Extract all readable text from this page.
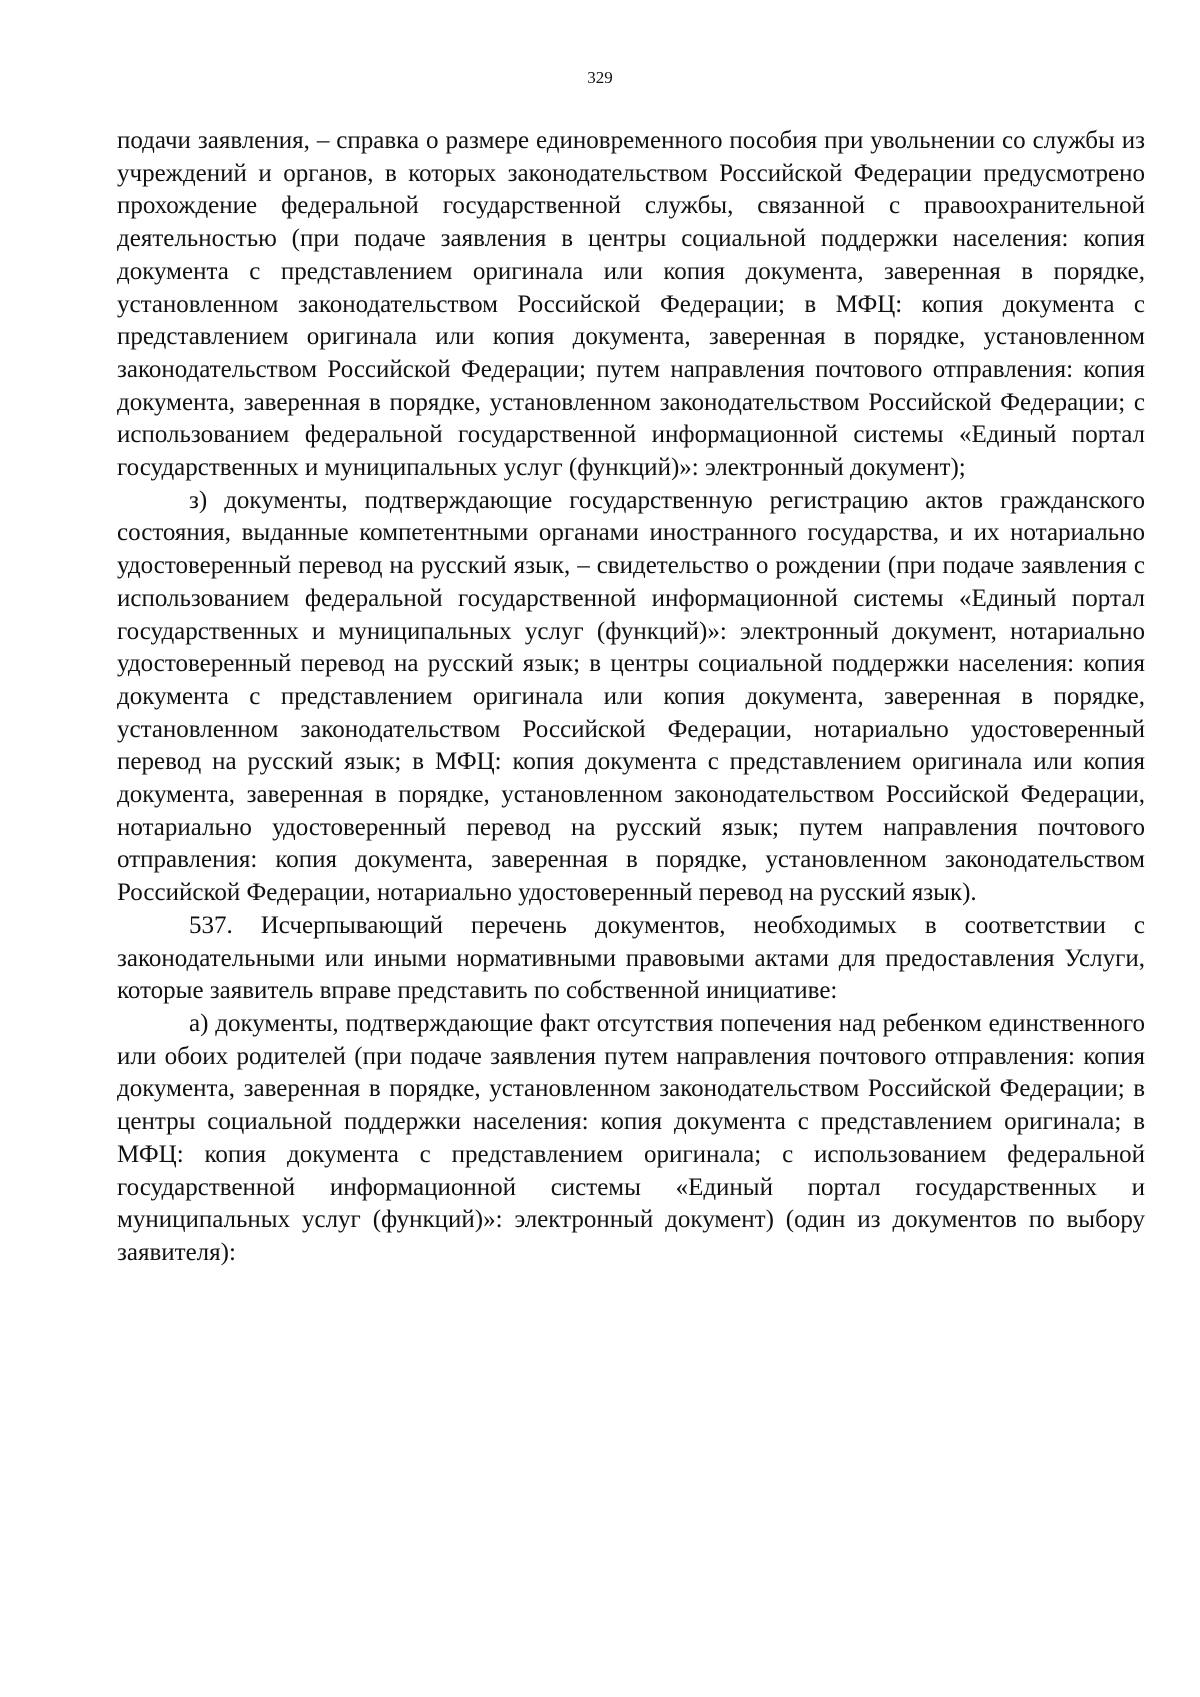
329

подачи заявления, – справка о размере единовременного пособия при увольнении со службы из учреждений и органов, в которых законодательством Российской Федерации предусмотрено прохождение федеральной государственной службы, связанной с правоохранительной деятельностью (при подаче заявления в центры социальной поддержки населения: копия документа с представлением оригинала или копия документа, заверенная в порядке, установленном законодательством Российской Федерации; в МФЦ: копия документа с представлением оригинала или копия документа, заверенная в порядке, установленном законодательством Российской Федерации; путем направления почтового отправления: копия документа, заверенная в порядке, установленном законодательством Российской Федерации; с использованием федеральной государственной информационной системы «Единый портал государственных и муниципальных услуг (функций)»: электронный документ);

з) документы, подтверждающие государственную регистрацию актов гражданского состояния, выданные компетентными органами иностранного государства, и их нотариально удостоверенный перевод на русский язык, – свидетельство о рождении (при подаче заявления с использованием федеральной государственной информационной системы «Единый портал государственных и муниципальных услуг (функций)»: электронный документ, нотариально удостоверенный перевод на русский язык; в центры социальной поддержки населения: копия документа с представлением оригинала или копия документа, заверенная в порядке, установленном законодательством Российской Федерации, нотариально удостоверенный перевод на русский язык; в МФЦ: копия документа с представлением оригинала или копия документа, заверенная в порядке, установленном законодательством Российской Федерации, нотариально удостоверенный перевод на русский язык; путем направления почтового отправления: копия документа, заверенная в порядке, установленном законодательством Российской Федерации, нотариально удостоверенный перевод на русский язык).

537. Исчерпывающий перечень документов, необходимых в соответствии с законодательными или иными нормативными правовыми актами для предоставления Услуги, которые заявитель вправе представить по собственной инициативе:

а) документы, подтверждающие факт отсутствия попечения над ребенком единственного или обоих родителей (при подаче заявления путем направления почтового отправления: копия документа, заверенная в порядке, установленном законодательством Российской Федерации; в центры социальной поддержки населения: копия документа с представлением оригинала; в МФЦ: копия документа с представлением оригинала; с использованием федеральной государственной информационной системы «Единый портал государственных и муниципальных услуг (функций)»: электронный документ) (один из документов по выбору заявителя):
